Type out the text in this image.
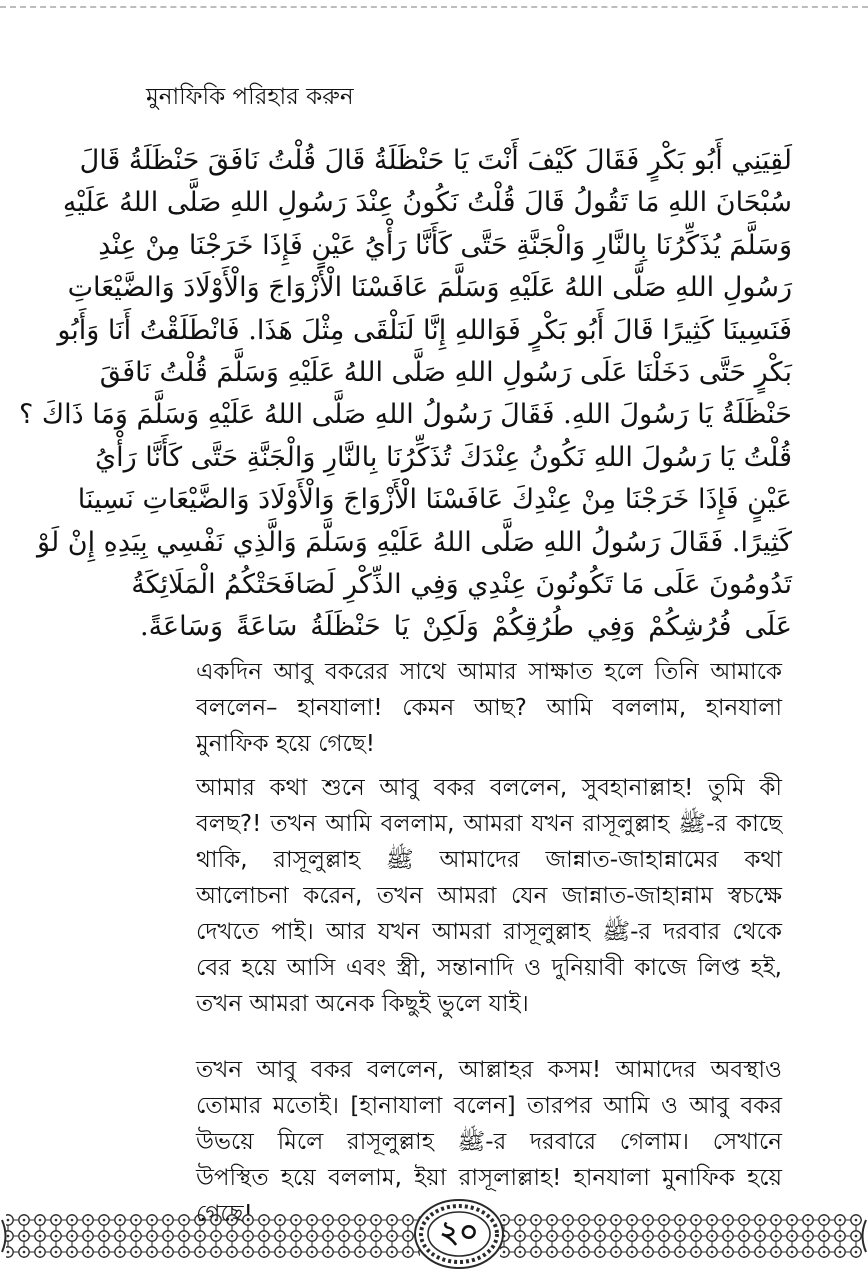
মুনাফিকি পরিহার করুন
لَقِيَنِي أَبُو بَكْرٍ فَقَالَ كَيْفَ أَنْتَ يَا حَنْظَلَةُ قَالَ قُلْتُ نَافَقَ حَنْظَلَةُ قَالَ
سُبْحَانَ اللهِ مَا تَقُولُ قَالَ قُلْتُ نَكُونُ عِنْدَ رَسُولِ اللهِ صَلَّى اللهُ عَلَيْهِ
وَسَلَّمَ يُذَكِّرُنَا بِالنَّارِ وَالْجَنَّةِ حَتَّى كَأَنَّا رَأْيُ عَيْنٍ فَإِذَا خَرَجْنَا مِنْ عِنْدِ
رَسُولِ اللهِ صَلَّى اللهُ عَلَيْهِ وَسَلَّمَ عَافَسْنَا الْأَزْوَاجَ وَالْأَوْلَادَ وَالضَّيْعَاتِ
فَنَسِينَا كَثِيرًا قَالَ أَبُو بَكْرٍ فَوَاللهِ إِنَّا لَنَلْقَى مِثْلَ هَذَا. فَانْطَلَقْتُ أَنَا وَأَبُو
بَكْرٍ حَتَّى دَخَلْنَا عَلَى رَسُولِ اللهِ صَلَّى اللهُ عَلَيْهِ وَسَلَّمَ قُلْتُ نَافَقَ
حَنْظَلَةُ يَا رَسُولَ اللهِ. فَقَالَ رَسُولُ اللهِ صَلَّى اللهُ عَلَيْهِ وَسَلَّمَ وَمَا ذَاكَ ؟
قُلْتُ يَا رَسُولَ اللهِ نَكُونُ عِنْدَكَ تُذَكِّرُنَا بِالنَّارِ وَالْجَنَّةِ حَتَّى كَأَنَّا رَأْيُ
عَيْنٍ فَإِذَا خَرَجْنَا مِنْ عِنْدِكَ عَافَسْنَا الْأَزْوَاجَ وَالْأَوْلَادَ وَالضَّيْعَاتِ نَسِينَا
كَثِيرًا. فَقَالَ رَسُولُ اللهِ صَلَّى اللهُ عَلَيْهِ وَسَلَّمَ وَالَّذِي نَفْسِي بِيَدِهِ إِنْ لَوْ
تَدُومُونَ عَلَى مَا تَكُونُونَ عِنْدِي وَفِي الذِّكْرِ لَصَافَحَتْكُمُ الْمَلَائِكَةُ
عَلَى فُرُشِكُمْ وَفِي طُرُقِكُمْ وَلَكِنْ يَا حَنْظَلَةُ سَاعَةً وَسَاعَةً.
একদিন আবু বকরের সাথে আমার সাক্ষাত হলে তিনি আমাকে
বললেন– হানযালা! কেমন আছ? আমি বললাম, হানযালা
মুনাফিক হয়ে গেছে!
আমার কথা শুনে আবু বকর বললেন, সুবহানাল্লাহ! তুমি কী
বলছ?! তখন আমি বললাম, আমরা যখন রাসূলুল্লাহ ﷺ-র কাছে
থাকি, রাসূলুল্লাহ ﷺ আমাদের জান্নাত-জাহান্নামের কথা
আলোচনা করেন, তখন আমরা যেন জান্নাত-জাহান্নাম স্বচক্ষে
দেখতে পাই। আর যখন আমরা রাসূলুল্লাহ ﷺ-র দরবার থেকে
বের হয়ে আসি এবং স্ত্রী, সন্তানাদি ও দুনিয়াবী কাজে লিপ্ত হই,
তখন আমরা অনেক কিছুই ভুলে যাই।
তখন আবু বকর বললেন, আল্লাহর কসম! আমাদের অবস্থাও
তোমার মতোই। [হানাযালা বলেন] তারপর আমি ও আবু বকর
উভয়ে মিলে রাসূলুল্লাহ ﷺ-র দরবারে গেলাম। সেখানে
উপস্থিত হয়ে বললাম, ইয়া রাসূলাল্লাহ! হানযালা মুনাফিক হয়ে
২০
